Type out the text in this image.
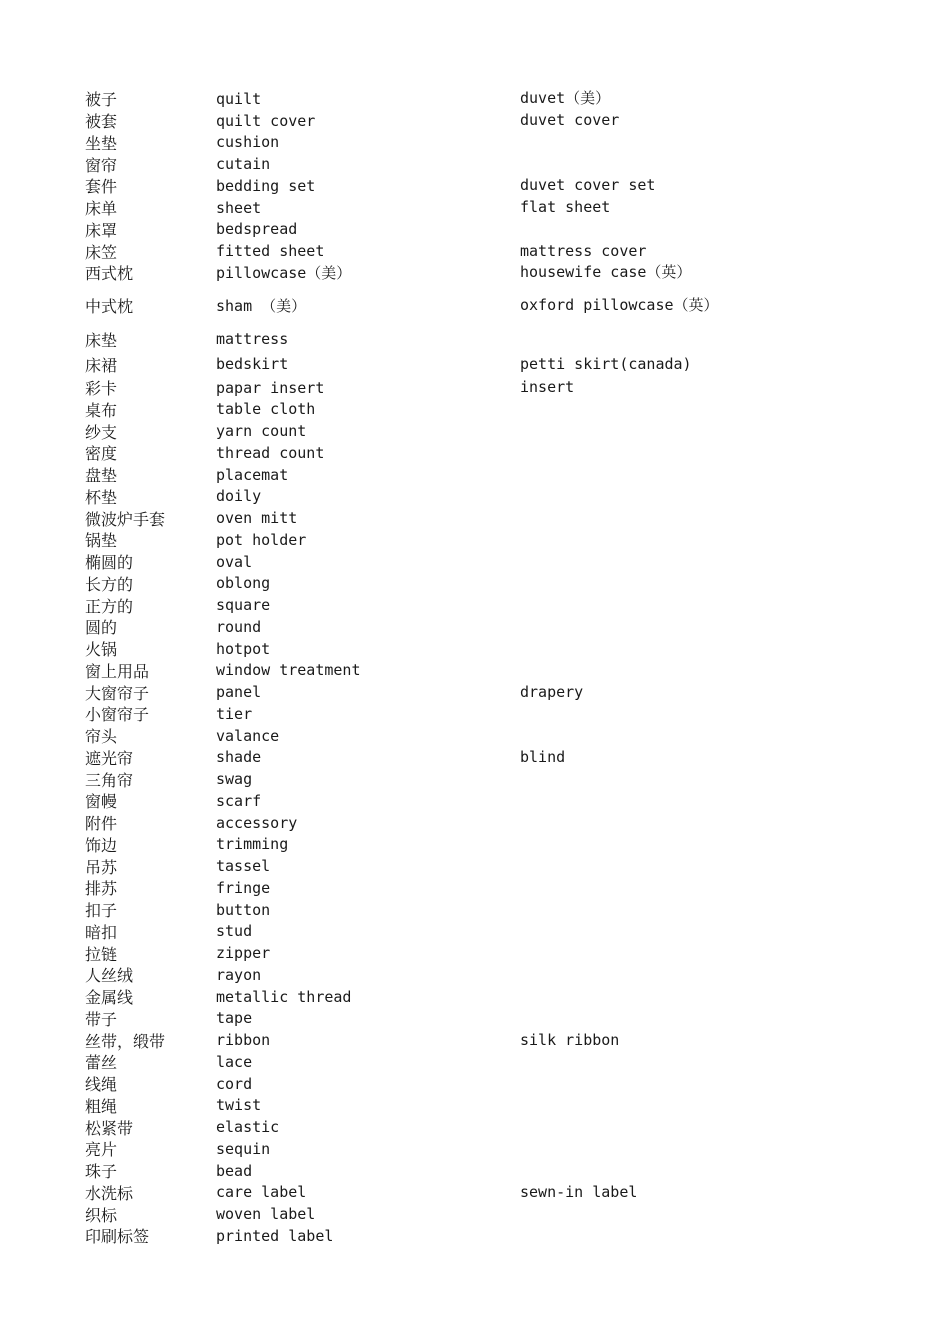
被子	quilt	duvet（美）
被套	quilt cover	duvet cover
坐垫	cushion
窗帘	cutain
套件	bedding set	duvet cover set
床单	sheet	flat sheet
床罩	bedspread
床笠	fitted sheet	mattress cover
西式枕	pillowcase（美）	housewife case（英）
中式枕	sham （美）	oxford pillowcase（英）
床垫	mattress
床裙	bedskirt	petti skirt(canada)
彩卡	papar insert	insert
桌布	table cloth
纱支	yarn count
密度	thread count
盘垫	placemat
杯垫	doily
微波炉手套	oven mitt
锅垫	pot holder
椭圆的	oval
长方的	oblong
正方的	square
圆的	round
火锅	hotpot
窗上用品	window treatment
大窗帘子	panel	drapery
小窗帘子	tier
帘头	valance
遮光帘	shade	blind
三角帘	swag
窗幔	scarf
附件	accessory
饰边	trimming
吊苏	tassel
排苏	fringe
扣子	button
暗扣	stud
拉链	zipper
人丝绒	rayon
金属线	metallic thread
带子	tape
丝带，缎带	ribbon	silk ribbon
蕾丝	lace
线绳	cord
粗绳	twist
松紧带	elastic
亮片	sequin
珠子	bead
水洗标	care label	sewn-in label
织标	woven label
印刷标签	printed label
